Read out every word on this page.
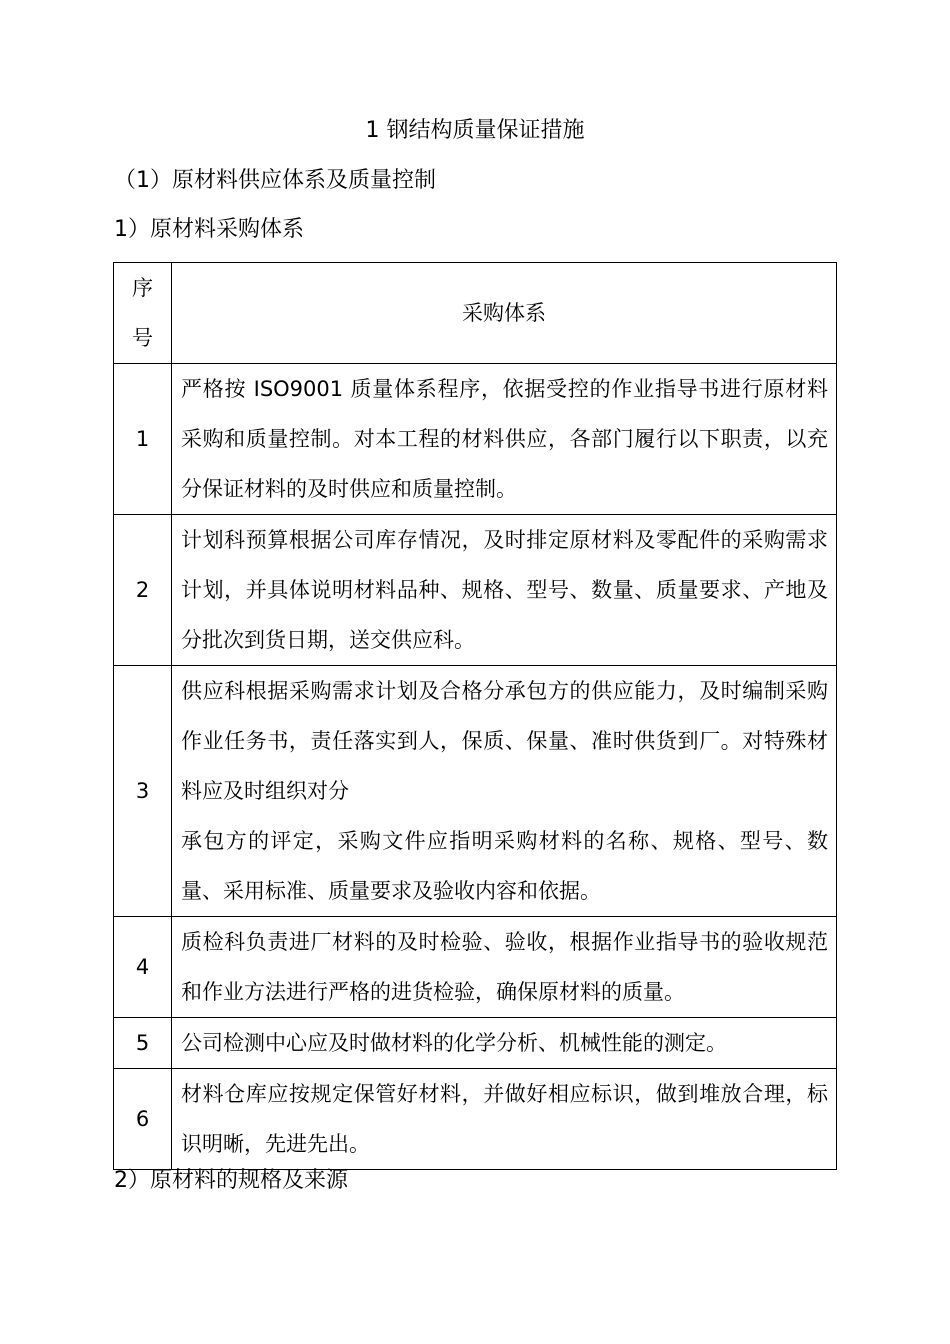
1 钢结构质量保证措施
（1）原材料供应体系及质量控制
1）原材料采购体系
序
号	采购体系
1	严格按 ISO9001 质量体系程序，依据受控的作业指导书进行原材料采购和质量控制。对本工程的材料供应，各部门履行以下职责，以充分保证材料的及时供应和质量控制。
2	计划科预算根据公司库存情况，及时排定原材料及零配件的采购需求计划，并具体说明材料品种、规格、型号、数量、质量要求、产地及分批次到货日期，送交供应科。
3	供应科根据采购需求计划及合格分承包方的供应能力，及时编制采购作业任务书，责任落实到人，保质、保量、准时供货到厂。对特殊材料应及时组织对分
承包方的评定，采购文件应指明采购材料的名称、规格、型号、数量、采用标准、质量要求及验收内容和依据。

4	质检科负责进厂材料的及时检验、验收，根据作业指导书的验收规范和作业方法进行严格的进货检验，确保原材料的质量。
5	公司检测中心应及时做材料的化学分析、机械性能的测定。
6	材料仓库应按规定保管好材料，并做好相应标识，做到堆放合理，标识明晰，先进先出。
2）原材料的规格及来源
